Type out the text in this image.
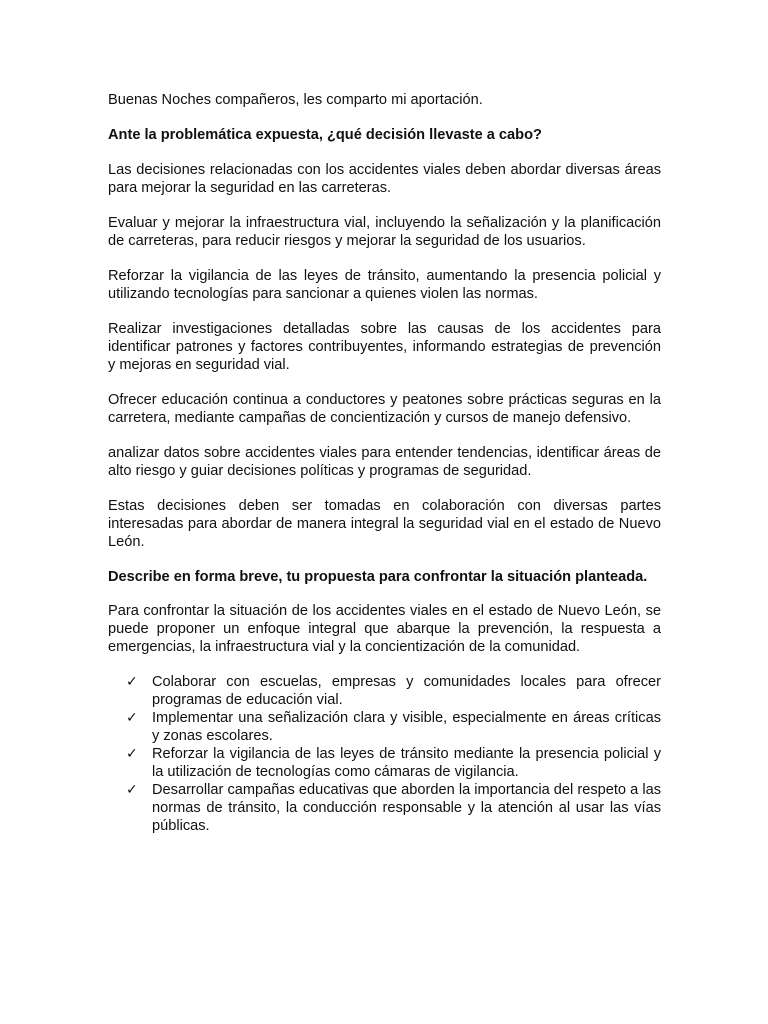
Buenas Noches compañeros, les comparto mi aportación.

Ante la problemática expuesta, ¿qué decisión llevaste a cabo?

Las decisiones relacionadas con los accidentes viales deben abordar diversas áreas para mejorar la seguridad en las carreteras.

Evaluar y mejorar la infraestructura vial, incluyendo la señalización y la planificación de carreteras, para reducir riesgos y mejorar la seguridad de los usuarios.

Reforzar la vigilancia de las leyes de tránsito, aumentando la presencia policial y utilizando tecnologías para sancionar a quienes violen las normas.

Realizar investigaciones detalladas sobre las causas de los accidentes para identificar patrones y factores contribuyentes, informando estrategias de prevención y mejoras en seguridad vial.

Ofrecer educación continua a conductores y peatones sobre prácticas seguras en la carretera, mediante campañas de concientización y cursos de manejo defensivo.

analizar datos sobre accidentes viales para entender tendencias, identificar áreas de alto riesgo y guiar decisiones políticas y programas de seguridad.

Estas decisiones deben ser tomadas en colaboración con diversas partes interesadas para abordar de manera integral la seguridad vial en el estado de Nuevo León.

Describe en forma breve, tu propuesta para confrontar la situación planteada.

Para confrontar la situación de los accidentes viales en el estado de Nuevo León, se puede proponer un enfoque integral que abarque la prevención, la respuesta a emergencias, la infraestructura vial y la concientización de la comunidad.

✓ Colaborar con escuelas, empresas y comunidades locales para ofrecer programas de educación vial.
✓ Implementar una señalización clara y visible, especialmente en áreas críticas y zonas escolares.
✓ Reforzar la vigilancia de las leyes de tránsito mediante la presencia policial y la utilización de tecnologías como cámaras de vigilancia.
✓ Desarrollar campañas educativas que aborden la importancia del respeto a las normas de tránsito, la conducción responsable y la atención al usar las vías públicas.
